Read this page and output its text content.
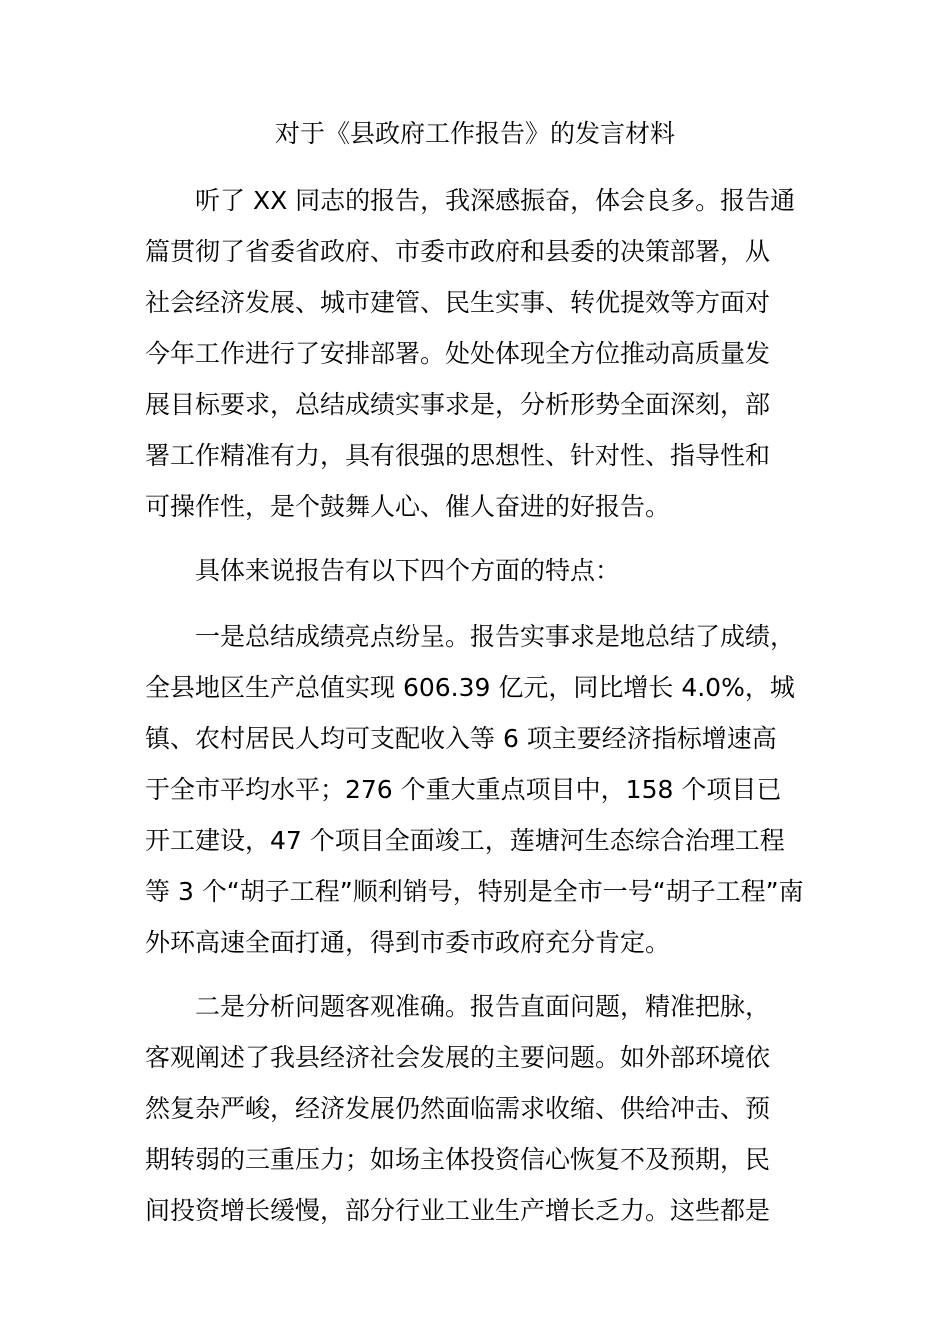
对于《县政府工作报告》的发言材料
听了 XX 同志的报告，我深感振奋，体会良多。报告通
篇贯彻了省委省政府、市委市政府和县委的决策部署，从
社会经济发展、城市建管、民生实事、转优提效等方面对
今年工作进行了安排部署。处处体现全方位推动高质量发
展目标要求，总结成绩实事求是，分析形势全面深刻，部
署工作精准有力，具有很强的思想性、针对性、指导性和
可操作性，是个鼓舞人心、催人奋进的好报告。
具体来说报告有以下四个方面的特点：
一是总结成绩亮点纷呈。报告实事求是地总结了成绩，
全县地区生产总值实现 606.39 亿元，同比增长 4.0%，城
镇、农村居民人均可支配收入等 6 项主要经济指标增速高
于全市平均水平；276 个重大重点项目中，158 个项目已
开工建设，47 个项目全面竣工，莲塘河生态综合治理工程
等 3 个“胡子工程”顺利销号，特别是全市一号“胡子工程”南
外环高速全面打通，得到市委市政府充分肯定。
二是分析问题客观准确。报告直面问题，精准把脉，
客观阐述了我县经济社会发展的主要问题。如外部环境依
然复杂严峻，经济发展仍然面临需求收缩、供给冲击、预
期转弱的三重压力；如场主体投资信心恢复不及预期，民
间投资增长缓慢，部分行业工业生产增长乏力。这些都是
